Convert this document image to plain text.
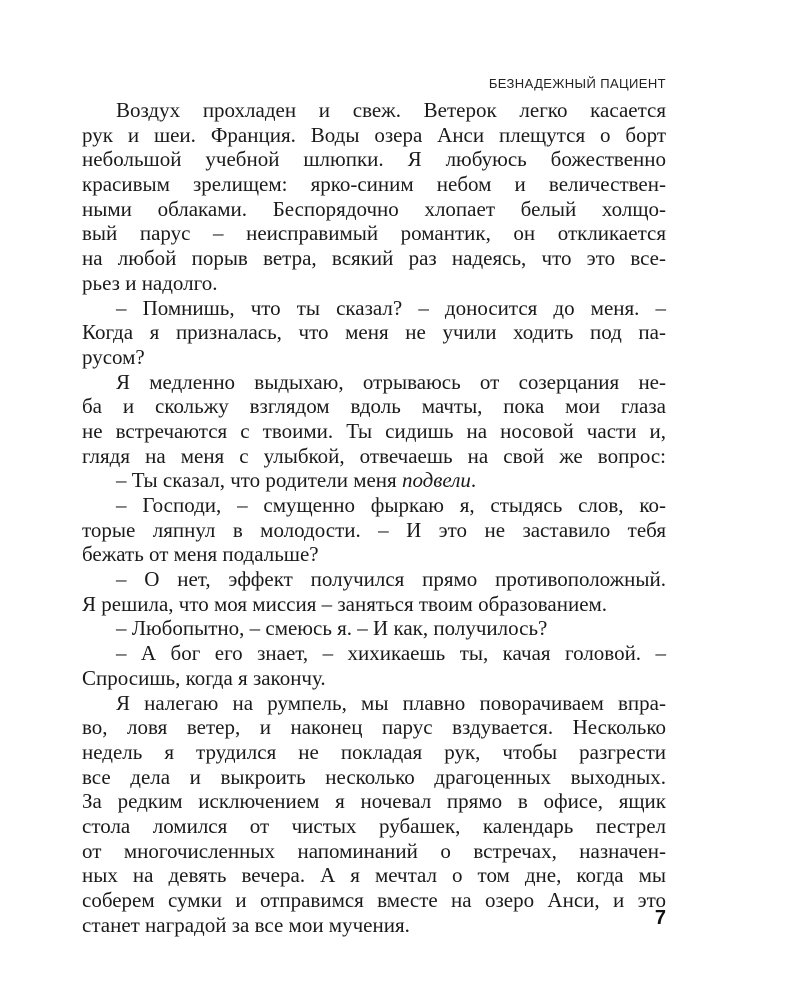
БЕЗНАДЕЖНЫЙ ПАЦИЕНТ
Воздух прохладен и свеж. Ветерок легко касается
рук и шеи. Франция. Воды озера Анси плещутся о борт
небольшой учебной шлюпки. Я любуюсь божественно
красивым зрелищем: ярко-синим небом и величествен-
ными облаками. Беспорядочно хлопает белый холщо-
вый парус – неисправимый романтик, он откликается
на любой порыв ветра, всякий раз надеясь, что это все-
рьез и надолго.
– Помнишь, что ты сказал? – доносится до меня. –
Когда я призналась, что меня не учили ходить под па-
русом?
Я медленно выдыхаю, отрываюсь от созерцания не-
ба и скольжу взглядом вдоль мачты, пока мои глаза
не встречаются с твоими. Ты сидишь на носовой части и,
глядя на меня с улыбкой, отвечаешь на свой же вопрос:
– Ты сказал, что родители меня подвели.
– Господи, – смущенно фыркаю я, стыдясь слов, ко-
торые ляпнул в молодости. – И это не заставило тебя
бежать от меня подальше?
– О нет, эффект получился прямо противоположный.
Я решила, что моя миссия – заняться твоим образованием.
– Любопытно, – смеюсь я. – И как, получилось?
– А бог его знает, – хихикаешь ты, качая головой. –
Спросишь, когда я закончу.
Я налегаю на румпель, мы плавно поворачиваем впра-
во, ловя ветер, и наконец парус вздувается. Несколько
недель я трудился не покладая рук, чтобы разгрести
все дела и выкроить несколько драгоценных выходных.
За редким исключением я ночевал прямо в офисе, ящик
стола ломился от чистых рубашек, календарь пестрел
от многочисленных напоминаний о встречах, назначен-
ных на девять вечера. А я мечтал о том дне, когда мы
соберем сумки и отправимся вместе на озеро Анси, и это
станет наградой за все мои мучения.	7
